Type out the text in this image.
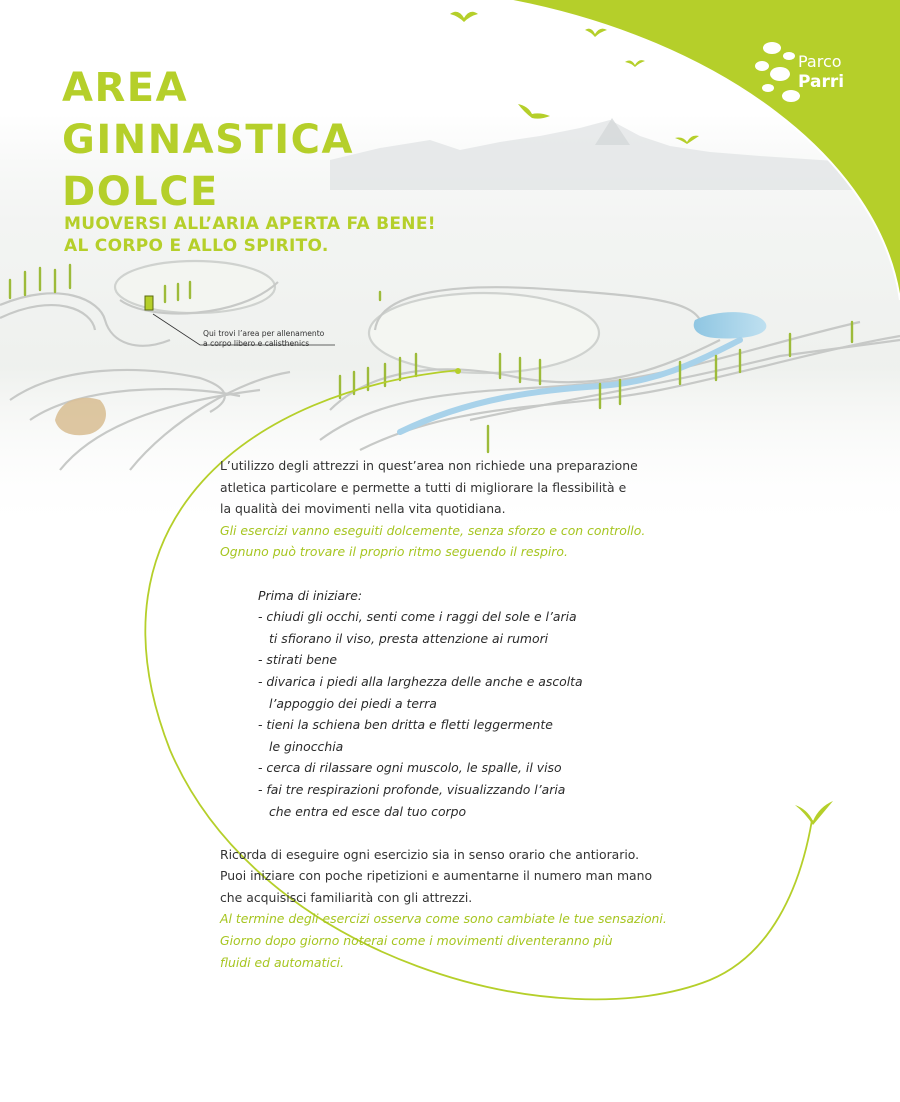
Parco
Parri
AREA
GINNASTICA
DOLCE
MUOVERSI ALL’ARIA APERTA FA BENE!
AL CORPO E ALLO SPIRITO.
Qui trovi l’area per allenamento
a corpo libero e calisthenics
L’utilizzo degli attrezzi in quest’area non richiede una preparazione
atletica particolare e permette a tutti di migliorare la flessibilità e
la qualità dei movimenti nella vita quotidiana.
Gli esercizi vanno eseguiti dolcemente, senza sforzo e con controllo.
Ognuno può trovare il proprio ritmo seguendo il respiro.
Prima di iniziare:
- chiudi gli occhi, senti come i raggi del sole e l’aria
ti sfiorano il viso, presta attenzione ai rumori
- stirati bene
- divarica i piedi alla larghezza delle anche e ascolta
l’appoggio dei piedi a terra
- tieni la schiena ben dritta e fletti leggermente
le ginocchia
- cerca di rilassare ogni muscolo, le spalle, il viso
- fai tre respirazioni profonde, visualizzando l’aria
che entra ed esce dal tuo corpo
Ricorda di eseguire ogni esercizio sia in senso orario che antiorario.
Puoi iniziare con poche ripetizioni e aumentarne il numero man mano
che acquisisci familiarità con gli attrezzi.
Al termine degli esercizi osserva come sono cambiate le tue sensazioni.
Giorno dopo giorno noterai come i movimenti diventeranno più
fluidi ed automatici.
